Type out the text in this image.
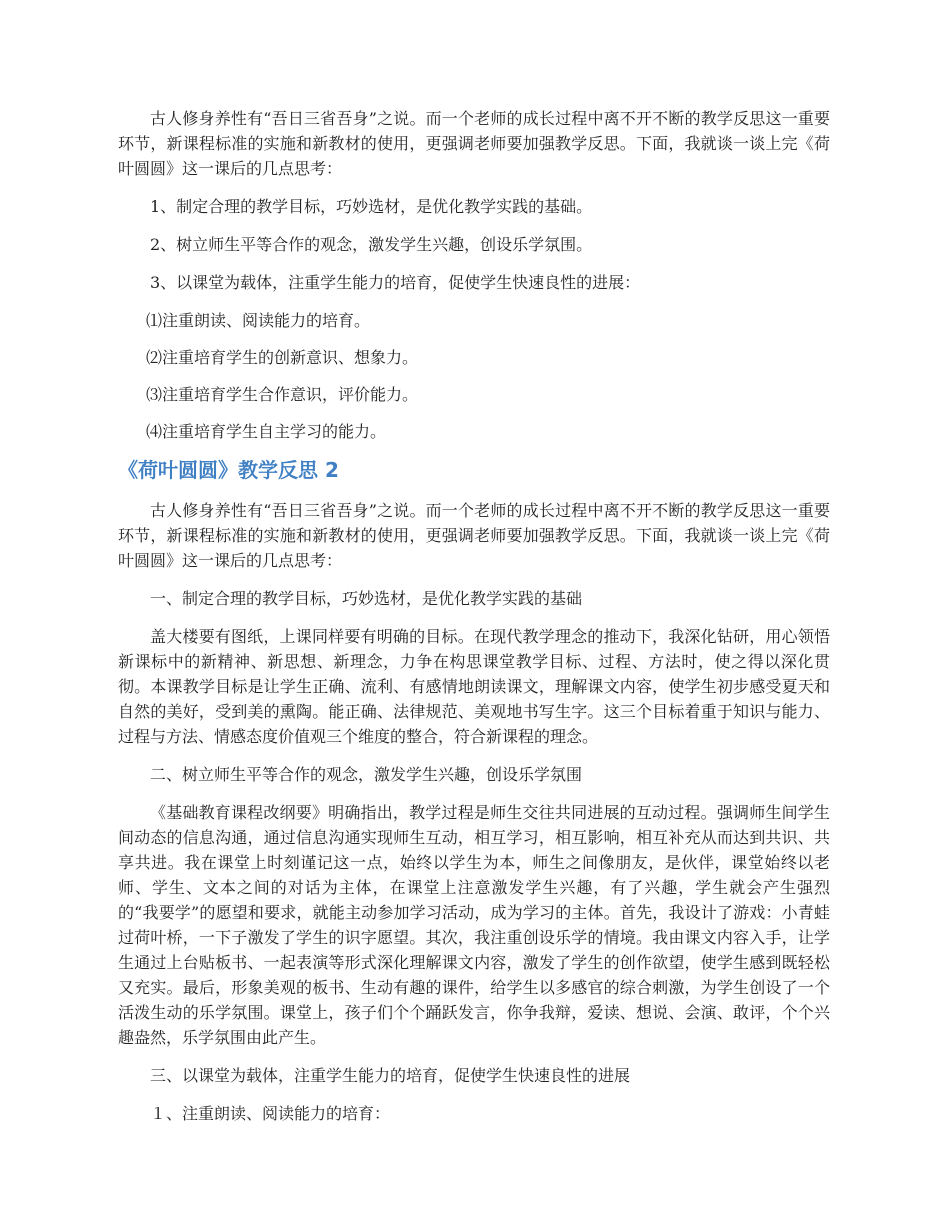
古人修身养性有“吾日三省吾身”之说。而一个老师的成长过程中离不开不断的教学反思这一重要环节，新课程标准的实施和新教材的使用，更强调老师要加强教学反思。下面，我就谈一谈上完《荷叶圆圆》这一课后的几点思考：

1、制定合理的教学目标，巧妙选材，是优化教学实践的基础。

2、树立师生平等合作的观念，激发学生兴趣，创设乐学氛围。

3、以课堂为载体，注重学生能力的培育，促使学生快速良性的进展：

⑴注重朗读、阅读能力的培育。

⑵注重培育学生的创新意识、想象力。

⑶注重培育学生合作意识，评价能力。

⑷注重培育学生自主学习的能力。

《荷叶圆圆》教学反思 2

古人修身养性有“吾日三省吾身”之说。而一个老师的成长过程中离不开不断的教学反思这一重要环节，新课程标准的实施和新教材的使用，更强调老师要加强教学反思。下面，我就谈一谈上完《荷叶圆圆》这一课后的几点思考：

一、制定合理的教学目标，巧妙选材，是优化教学实践的基础

盖大楼要有图纸，上课同样要有明确的目标。在现代教学理念的推动下，我深化钻研，用心领悟新课标中的新精神、新思想、新理念，力争在构思课堂教学目标、过程、方法时，使之得以深化贯彻。本课教学目标是让学生正确、流利、有感情地朗读课文，理解课文内容，使学生初步感受夏天和自然的美好，受到美的熏陶。能正确、法律规范、美观地书写生字。这三个目标着重于知识与能力、过程与方法、情感态度价值观三个维度的整合，符合新课程的理念。

二、树立师生平等合作的观念，激发学生兴趣，创设乐学氛围

《基础教育课程改纲要》明确指出，教学过程是师生交往共同进展的互动过程。强调师生间学生间动态的信息沟通，通过信息沟通实现师生互动，相互学习，相互影响，相互补充从而达到共识、共享共进。我在课堂上时刻谨记这一点，始终以学生为本，师生之间像朋友，是伙伴，课堂始终以老师、学生、文本之间的对话为主体，在课堂上注意激发学生兴趣，有了兴趣，学生就会产生强烈的“我要学”的愿望和要求，就能主动参加学习活动，成为学习的主体。首先，我设计了游戏：小青蛙过荷叶桥，一下子激发了学生的识字愿望。其次，我注重创设乐学的情境。我由课文内容入手，让学生通过上台贴板书、一起表演等形式深化理解课文内容，激发了学生的创作欲望，使学生感到既轻松又充实。最后，形象美观的板书、生动有趣的课件，给学生以多感官的综合刺激，为学生创设了一个活泼生动的乐学氛围。课堂上，孩子们个个踊跃发言，你争我辩，爱读、想说、会演、敢评，个个兴趣盎然，乐学氛围由此产生。

三、以课堂为载体，注重学生能力的培育，促使学生快速良性的进展

１、注重朗读、阅读能力的培育：
